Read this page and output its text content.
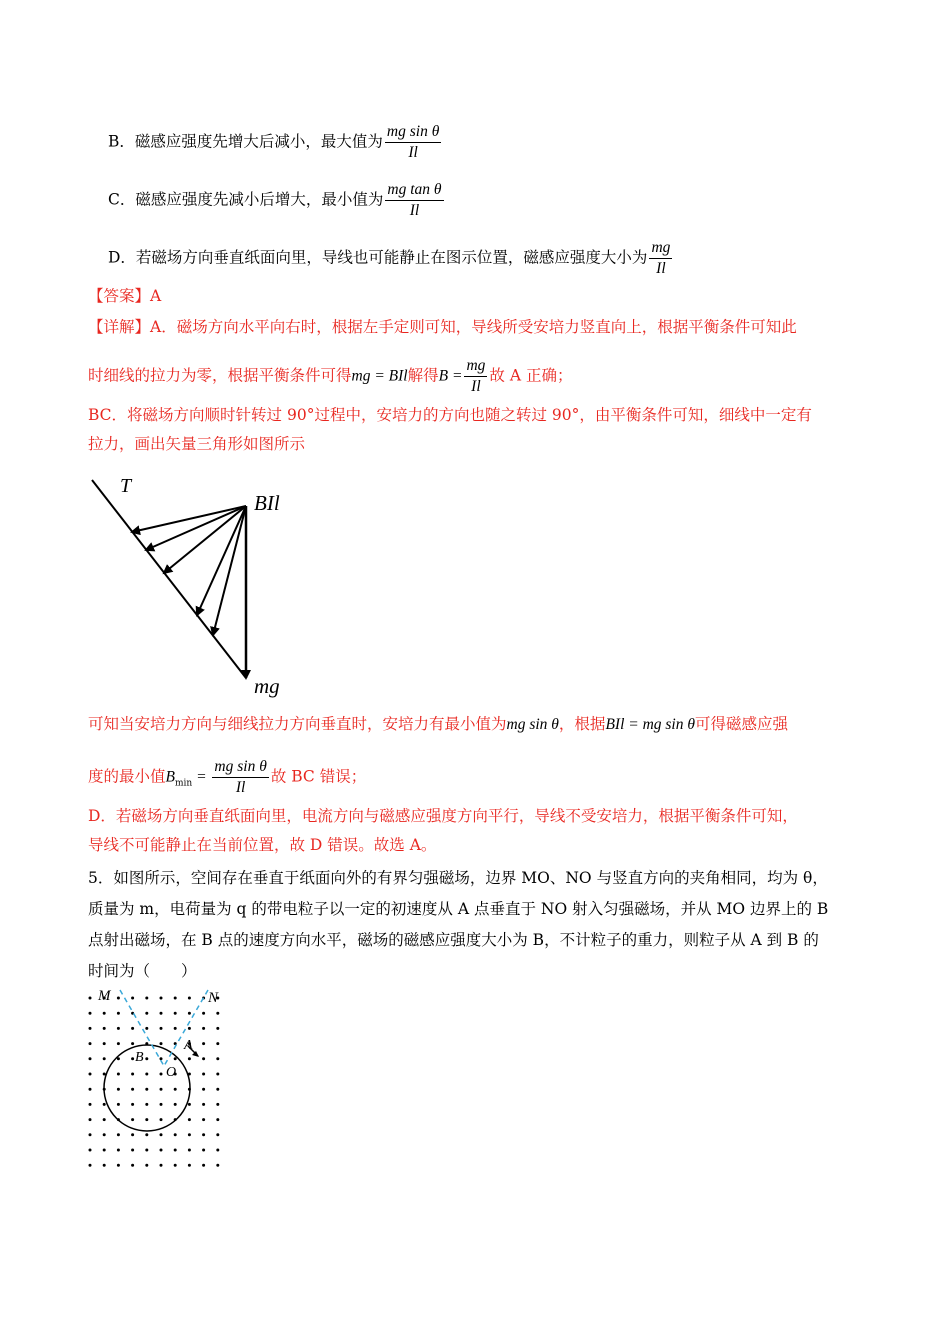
B．磁感应强度先增大后减小，最大值为 $\frac{\text{mg sin θ}}{Il}$
C．磁感应强度先减小后增大，最小值为 $\frac{\text{mg tan θ}}{Il}$
D．若磁场方向垂直纸面向里，导线也可能静止在图示位置，磁感应强度大小为 $\frac{mg}{Il}$
【答案】A
【详解】A．磁场方向水平向右时，根据左手定则可知，导线所受安培力竖直向上，根据平衡条件可知此
时细线的拉力为零，根据平衡条件可得mg = BIl解得$B = \frac{mg}{Il}$ 故 A 正确；
BC．将磁场方向顺时针转过 90°过程中，安培力的方向也随之转过 90°，由平衡条件可知，细线中一定有
拉力，画出矢量三角形如图所示
T
BIl
mg
可知当安培力方向与细线拉力方向垂直时，安培力有最小值为mg sin θ，根据BIl = mg sin θ可得磁感应强
度的最小值$B_{min} = \frac{\text{mg sin θ}}{Il}$ 故 BC 错误；
D．若磁场方向垂直纸面向里，电流方向与磁感应强度方向平行，导线不受安培力，根据平衡条件可知，
导线不可能静止在当前位置，故 D 错误。故选 A。
5．如图所示，空间存在垂直于纸面向外的有界匀强磁场，边界 MO、NO 与竖直方向的夹角相同，均为 θ，
质量为 m，电荷量为 q 的带电粒子以一定的初速度从 A 点垂直于 NO 射入匀强磁场，并从 MO 边界上的 B
点射出磁场，在 B 点的速度方向水平，磁场的磁感应强度大小为 B，不计粒子的重力，则粒子从 A 到 B 的
时间为（　　）
M	N
B
A
O
